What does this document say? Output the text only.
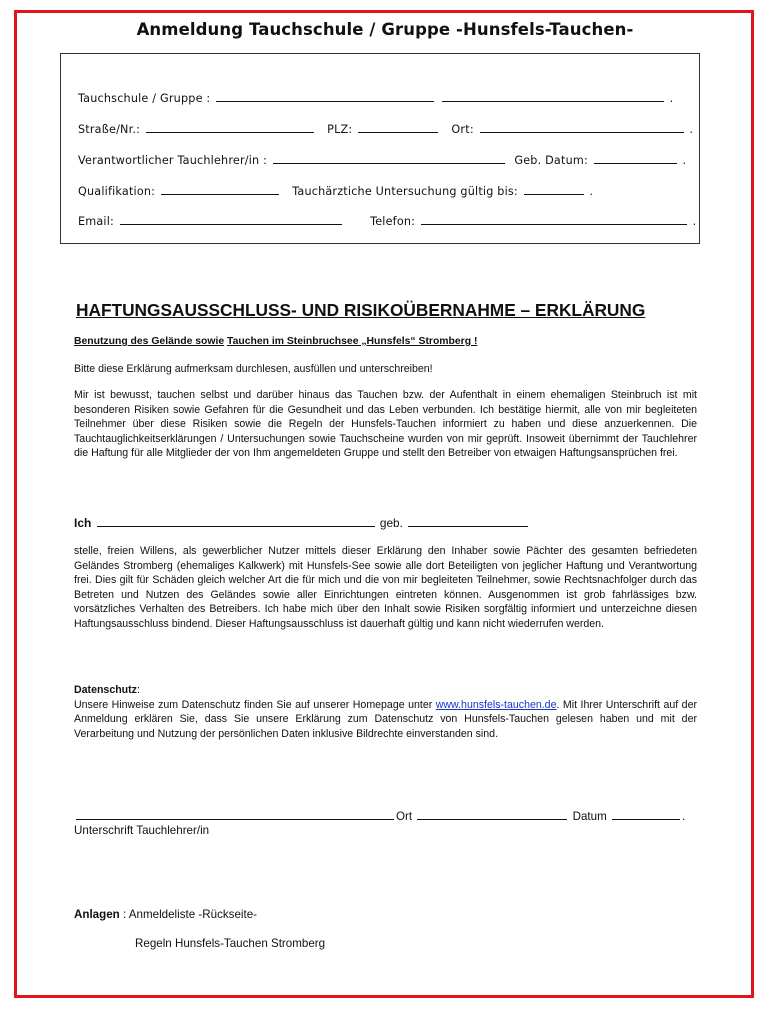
Anmeldung Tauchschule / Gruppe -Hunsfels-Tauchen-
Tauchschule / Gruppe :	.
Straße/Nr.:	PLZ:	Ort:	.
Verantwortlicher Tauchlehrer/in :	Geb. Datum:	.
Qualifikation:	Tauchärztiche Untersuchung gültig bis:	.
Email:	Telefon:	.
HAFTUNGSAUSSCHLUSS- UND RISIKOÜBERNAHME – ERKLÄRUNG
Benutzung des Gelände sowie Tauchen im Steinbruchsee „Hunsfels“ Stromberg !
Bitte diese Erklärung aufmerksam durchlesen, ausfüllen und unterschreiben!
Mir ist bewusst, tauchen selbst und darüber hinaus das Tauchen bzw. der Aufenthalt in einem ehemaligen Steinbruch ist mit besonderen Risiken sowie Gefahren für die Gesundheit und das Leben verbunden. Ich bestätige hiermit, alle von mir begleiteten Teilnehmer über diese Risiken sowie die Regeln der Hunsfels-Tauchen informiert zu haben und diese anzuerkennen. Die Tauchtauglichkeitserklärungen / Untersuchungen sowie Tauchscheine wurden von mir geprüft. Insoweit übernimmt der Tauchlehrer die Haftung für alle Mitglieder der von Ihm angemeldeten Gruppe und stellt den Betreiber von etwaigen Haftungsansprüchen frei.
Ich	geb.
stelle, freien Willens, als gewerblicher Nutzer mittels dieser Erklärung den Inhaber sowie Pächter des gesamten befriedeten Geländes Stromberg (ehemaliges Kalkwerk) mit Hunsfels-See sowie alle dort Beteiligten von jeglicher Haftung und Verantwortung frei. Dies gilt für Schäden gleich welcher Art die für mich und die von mir begleiteten Teilnehmer, sowie Rechtsnachfolger durch das Betreten und Nutzen des Geländes sowie aller Einrichtungen eintreten können. Ausgenommen ist grob fahrlässiges bzw. vorsätzliches Verhalten des Betreibers. Ich habe mich über den Inhalt sowie Risiken sorgfältig informiert und unterzeichne diesen Haftungsausschluss bindend. Dieser Haftungsausschluss ist dauerhaft gültig und kann nicht wiederrufen werden.
Datenschutz:
Unsere Hinweise zum Datenschutz finden Sie auf unserer Homepage unter www.hunsfels-tauchen.de. Mit Ihrer Unterschrift auf der Anmeldung erklären Sie, dass Sie unsere Erklärung zum Datenschutz von Hunsfels-Tauchen gelesen haben und mit der Verarbeitung und Nutzung der persönlichen Daten inklusive Bildrechte einverstanden sind.
Ort	Datum	.
Unterschrift Tauchlehrer/in
Anlagen : Anmeldeliste -Rückseite-
Regeln Hunsfels-Tauchen Stromberg
